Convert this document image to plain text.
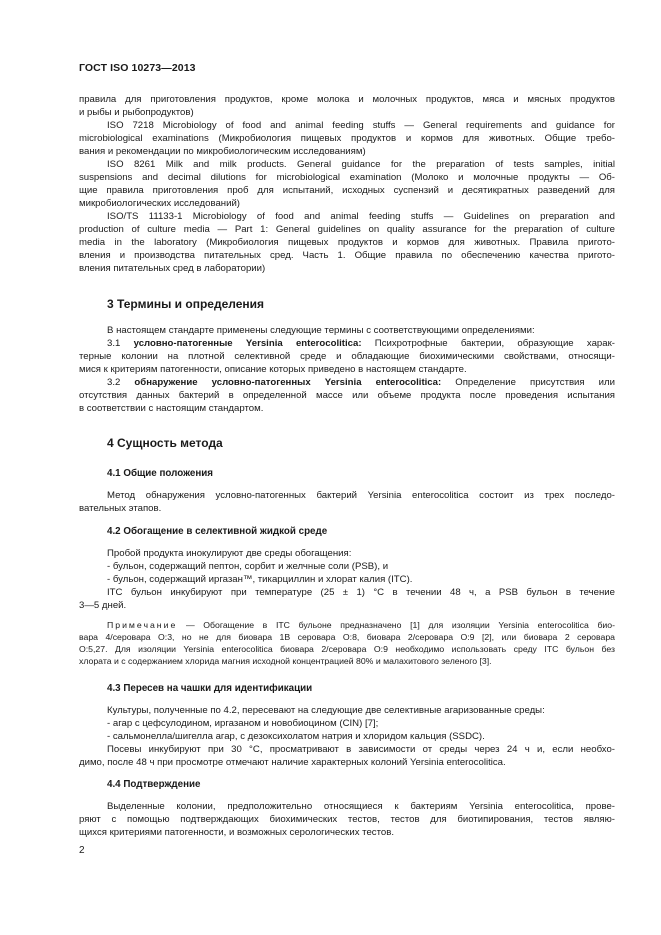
ГОСТ ISO 10273—2013
правила для приготовления продуктов, кроме молока и молочных продуктов, мяса и мясных продуктов
и рыбы и рыбопродуктов)
ISO 7218 Microbiology of food and animal feeding stuffs — General requirements and guidance for
microbiological examinations (Микробиология пищевых продуктов и кормов для животных. Общие требо-
вания и рекомендации по микробиологическим исследованиям)
ISO 8261 Milk and milk products. General guidance for the preparation of tests samples, initial
suspensions and decimal dilutions for microbiological examination (Молоко и молочные продукты — Об-
щие правила приготовления проб для испытаний, исходных суспензий и десятикратных разведений для
микробиологических исследований)
ISO/TS 11133-1 Microbiology of food and animal feeding stuffs — Guidelines on preparation and
production of culture media — Part 1: General guidelines on quality assurance for the preparation of culture
media in the laboratory (Микробиология пищевых продуктов и кормов для животных. Правила пригото-
вления и производства питательных сред. Часть 1. Общие правила по обеспечению качества пригото-
вления питательных сред в лаборатории)
3 Термины и определения
В настоящем стандарте применены следующие термины с соответствующими определениями:
3.1 условно-патогенные Yersinia enterocolitica: Психротрофные бактерии, образующие харак-
терные колонии на плотной селективной среде и обладающие биохимическими свойствами, относящи-
мися к критериям патогенности, описание которых приведено в настоящем стандарте.
3.2 обнаружение условно-патогенных Yersinia enterocolitica: Определение присутствия или
отсутствия данных бактерий в определенной массе или объеме продукта после проведения испытания
в соответствии с настоящим стандартом.
4 Сущность метода
4.1 Общие положения
Метод обнаружения условно-патогенных бактерий Yersinia enterocolitica состоит из трех последо-
вательных этапов.
4.2 Обогащение в селективной жидкой среде
Пробой продукта инокулируют две среды обогащения:
- бульон, содержащий пептон, сорбит и желчные соли (PSB), и
- бульон, содержащий иргазан™, тикарциллин и хлорат калия (ITC).
ITC бульон инкубируют при температуре (25 ± 1) °С в течении 48 ч, а PSB бульон в течение
3—5 дней.
Примечание — Обогащение в ITC бульоне предназначено [1] для изоляции Yersinia enterocolitica био-
вара 4/серовара О:3, но не для биовара 1В серовара О:8, биовара 2/серовара О:9 [2], или биовара 2 серовара
О:5,27. Для изоляции Yersinia enterocolitica биовара 2/серовара О:9 необходимо использовать среду ITC бульон без
хлората и с содержанием хлорида магния исходной концентрацией 80% и малахитового зеленого [3].
4.3 Пересев на чашки для идентификации
Культуры, полученные по 4.2, пересевают на следующие две селективные агаризованные среды:
- агар с цефсулодином, иргазаном и новобиоцином (CIN) [7];
- сальмонелла/шигелла агар, с дезоксихолатом натрия и хлоридом кальция (SSDC).
Посевы инкубируют при 30 °С, просматривают в зависимости от среды через 24 ч и, если необхо-
димо, после 48 ч при просмотре отмечают наличие характерных колоний Yersinia enterocolitica.
4.4 Подтверждение
Выделенные колонии, предположительно относящиеся к бактериям Yersinia enterocolitica, прове-
ряют с помощью подтверждающих биохимических тестов, тестов для биотипирования, тестов являю-
щихся критериями патогенности, и возможных серологических тестов.
2
